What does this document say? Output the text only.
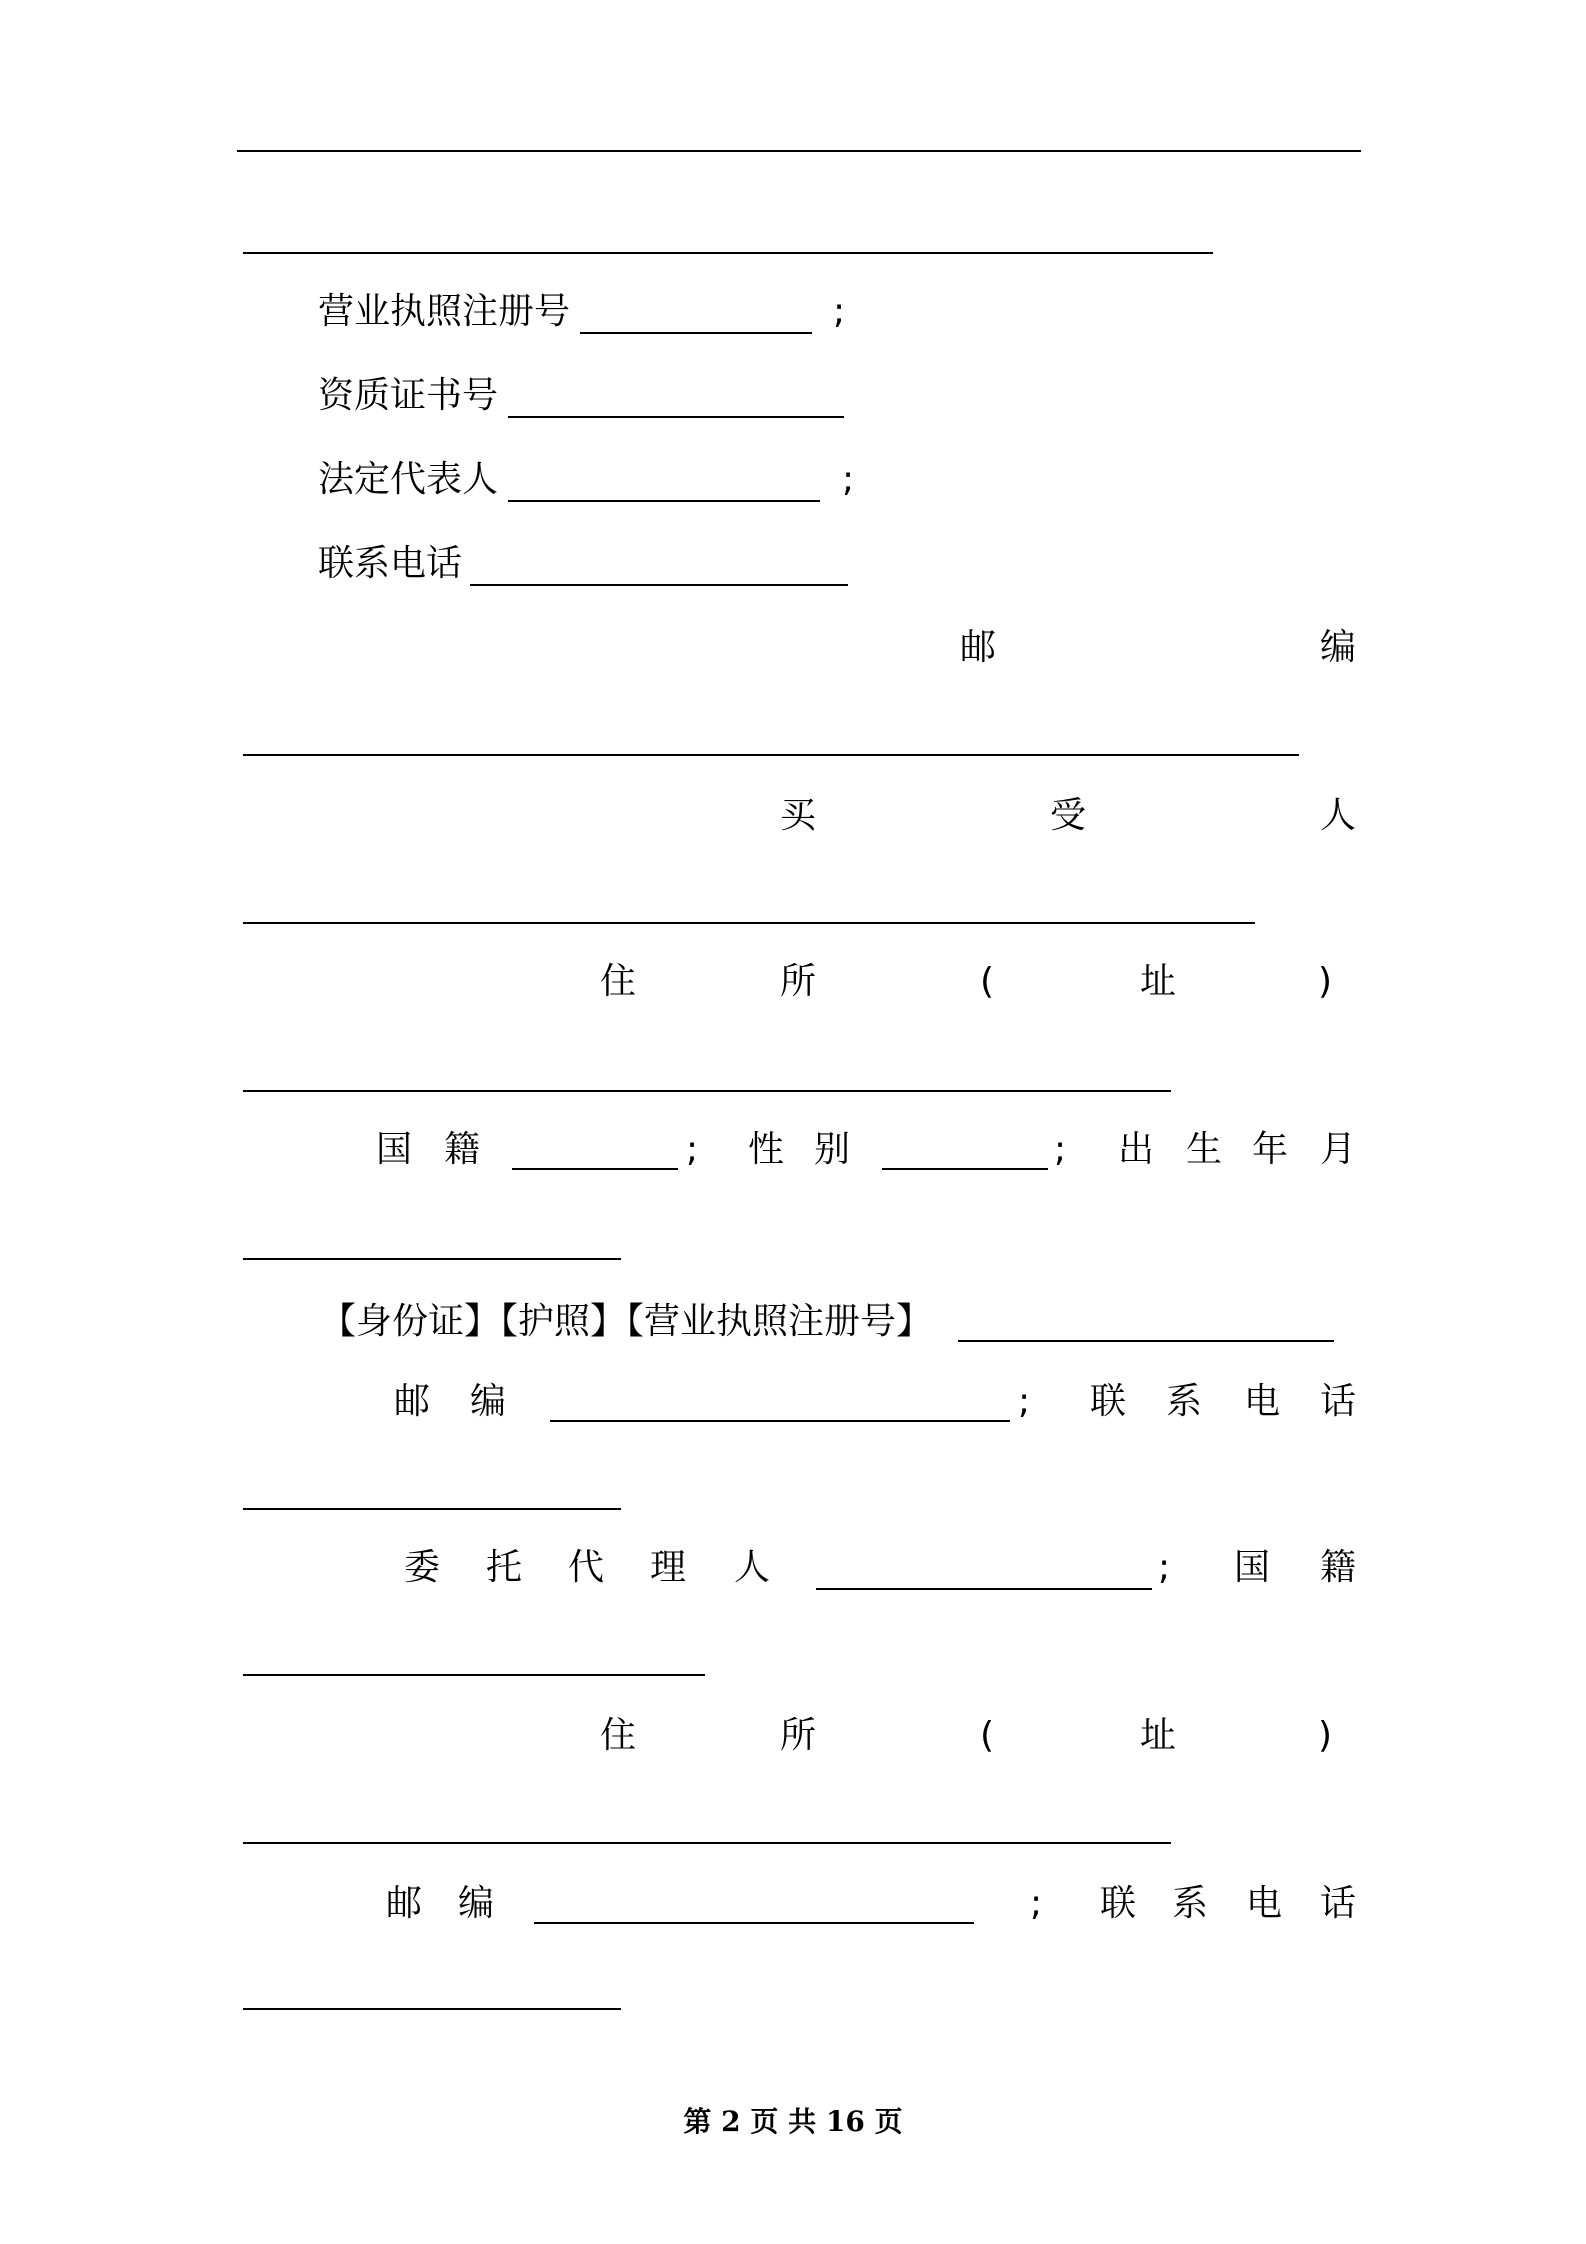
营业执照注册号	;
资质证书号
法定代表人	;
联系电话
邮	编
买	受	人
住	所	(	址	)
国 籍	; 性 别	; 出 生 年 月
【身份证】【护照】【营业执照注册号】
邮 编	; 联 系 电 话
委 托 代 理 人	; 国 籍
住	所	(	址	)
邮 编	; 联 系 电 话
第 2 页 共 16 页
